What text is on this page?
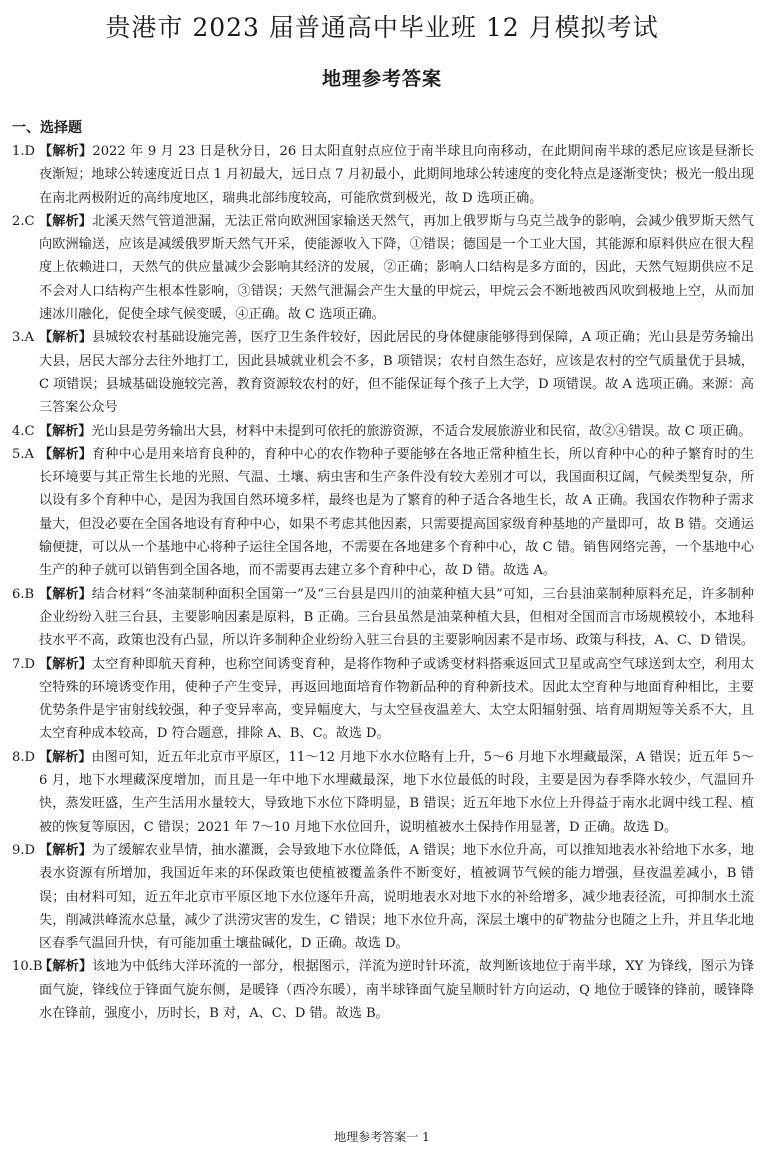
贵港市 2023 届普通高中毕业班 12 月模拟考试
地理参考答案
一、选择题

1.D 【解析】2022 年 9 月 23 日是秋分日，26 日太阳直射点应位于南半球且向南移动，在此期间南半球的悉尼应该是昼渐长夜渐短；地球公转速度近日点 1 月初最大，远日点 7 月初最小，此期间地球公转速度的变化特点是逐渐变快；极光一般出现在南北两极附近的高纬度地区，瑞典北部纬度较高，可能欣赏到极光，故 D 选项正确。

2.C 【解析】北溪天然气管道泄漏，无法正常向欧洲国家输送天然气，再加上俄罗斯与乌克兰战争的影响，会减少俄罗斯天然气向欧洲输送，应该是减缓俄罗斯天然气开采，使能源收入下降，①错误；德国是一个工业大国，其能源和原料供应在很大程度上依赖进口，天然气的供应量减少会影响其经济的发展，②正确；影响人口结构是多方面的，因此，天然气短期供应不足不会对人口结构产生根本性影响，③错误；天然气泄漏会产生大量的甲烷云，甲烷云会不断地被西风吹到极地上空，从而加速冰川融化，促使全球气候变暖，④正确。故 C 选项正确。

3.A 【解析】县城较农村基础设施完善，医疗卫生条件较好，因此居民的身体健康能够得到保障，A 项正确；光山县是劳务输出大县，居民大部分去往外地打工，因此县城就业机会不多，B 项错误；农村自然生态好，应该是农村的空气质量优于县城，C 项错误；县城基础设施较完善，教育资源较农村的好，但不能保证每个孩子上大学，D 项错误。故 A 选项正确。来源：高三答案公众号

4.C 【解析】光山县是劳务输出大县，材料中未提到可依托的旅游资源，不适合发展旅游业和民宿，故②④错误。故 C 项正确。

5.A 【解析】育种中心是用来培育良种的，育种中心的农作物种子要能够在各地正常种植生长，所以育种中心的种子繁育时的生长环境要与其正常生长地的光照、气温、土壤、病虫害和生产条件没有较大差别才可以，我国面积辽阔，气候类型复杂，所以设有多个育种中心，是因为我国自然环境多样，最终也是为了繁育的种子适合各地生长，故 A 正确。我国农作物种子需求量大，但没必要在全国各地设有育种中心，如果不考虑其他因素，只需要提高国家级育种基地的产量即可，故 B 错。交通运输便捷，可以从一个基地中心将种子运往全国各地，不需要在各地建多个育种中心，故 C 错。销售网络完善，一个基地中心生产的种子就可以销售到全国各地，而不需要再去建立多个育种中心，故 D 错。故选 A。

6.B 【解析】结合材料“冬油菜制种面积全国第一”及“三台县是四川的油菜种植大县”可知，三台县油菜制种原料充足，许多制种企业纷纷入驻三台县，主要影响因素是原料，B 正确。三台县虽然是油菜种植大县，但相对全国而言市场规模较小，本地科技水平不高，政策也没有凸显，所以许多制种企业纷纷入驻三台县的主要影响因素不是市场、政策与科技，A、C、D 错误。

7.D 【解析】太空育种即航天育种，也称空间诱变育种，是将作物种子或诱变材料搭乘返回式卫星或高空气球送到太空，利用太空特殊的环境诱变作用，使种子产生变异，再返回地面培育作物新品种的育种新技术。因此太空育种与地面育种相比，主要优势条件是宇宙射线较强，种子变异率高，变异幅度大，与太空昼夜温差大、太空太阳辐射强、培育周期短等关系不大，且太空育种成本较高，D 符合题意，排除 A、B、C。故选 D。

8.D 【解析】由图可知，近五年北京市平原区，11～12 月地下水水位略有上升，5～6 月地下水埋藏最深，A 错误；近五年 5～6 月，地下水埋藏深度增加，而且是一年中地下水埋藏最深，地下水位最低的时段，主要是因为春季降水较少，气温回升快，蒸发旺盛，生产生活用水量较大，导致地下水位下降明显，B 错误；近五年地下水位上升得益于南水北调中线工程、植被的恢复等原因，C 错误；2021 年 7～10 月地下水位回升，说明植被水土保持作用显著，D 正确。故选 D。

9.D 【解析】为了缓解农业旱情，抽水灌溉，会导致地下水位降低，A 错误；地下水位升高，可以推知地表水补给地下水多，地表水资源有所增加，我国近年来的环保政策也使植被覆盖条件不断变好，植被调节气候的能力增强，昼夜温差减小，B 错误；由材料可知，近五年北京市平原区地下水位逐年升高，说明地表水对地下水的补给增多，减少地表径流，可抑制水土流失，削减洪峰流水总量，减少了洪涝灾害的发生，C 错误；地下水位升高，深层土壤中的矿物盐分也随之上升，并且华北地区春季气温回升快，有可能加重土壤盐碱化，D 正确。故选 D。

10.B
【解析】该地为中低纬大洋环流的一部分，根据图示，洋流为逆时针环流，故判断该地位于南半球，XY 为锋线，图示为锋面气旋，锋线位于锋面气旋东侧，是暖锋（西冷东暖），南半球锋面气旋呈顺时针方向运动，Q 地位于暖锋的锋前，暖锋降水在锋前，强度小，历时长，B 对，A、C、D 错。故选 B。

地理参考答案一 1
